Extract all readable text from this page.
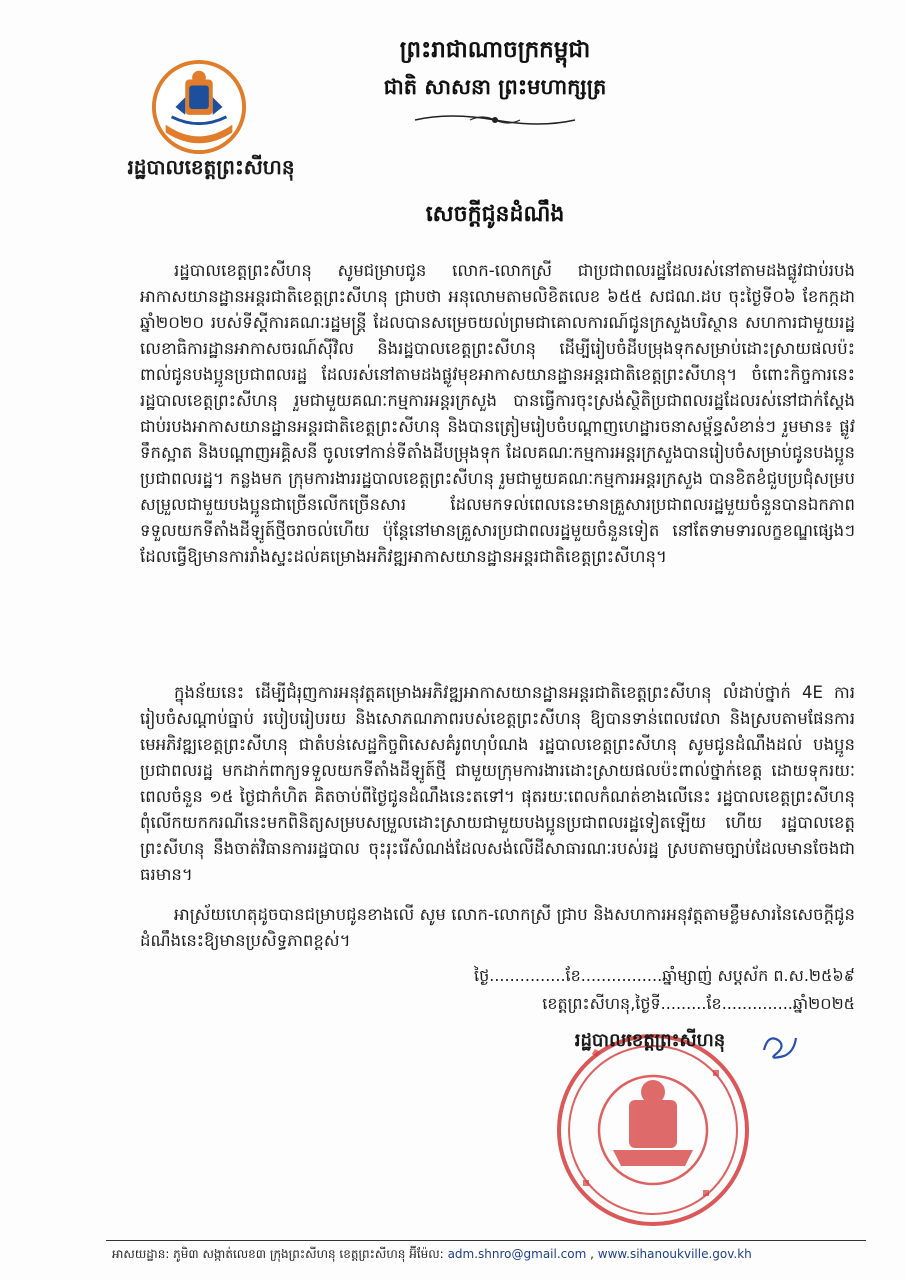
រដ្ឋបាលខេត្តព្រះសីហនុ
ព្រះរាជាណាចក្រកម្ពុជា
ជាតិ សាសនា ព្រះមហាក្សត្រ
សេចក្តីជូនដំណឹង
រដ្ឋបាលខេត្តព្រះសីហនុ សូមជម្រាបជូន លោក-លោកស្រី ជាប្រជាពលរដ្ឋដែលរស់នៅតាមដងផ្លូវជាប់របងអាកាសយានដ្ឋានអន្តរជាតិខេត្តព្រះសីហនុ ជ្រាបថា អនុលោមតាមលិខិតលេខ ៦៥៥ សជណ.ដប ចុះថ្ងៃទី០៦ ខែកក្កដា ឆ្នាំ២០២០ របស់ទីស្តីការគណៈរដ្ឋមន្ត្រី ដែលបានសម្រេចយល់ព្រមជាគោលការណ៍ជូនក្រសួងបរិស្ថាន សហការជាមួយរដ្ឋលេខាធិការដ្ឋានអាកាសចរណ៍ស៊ីវិល និងរដ្ឋបាលខេត្តព្រះសីហនុ ដើម្បីរៀបចំដីបម្រុងទុកសម្រាប់ដោះស្រាយផលប៉ះពាល់ជូនបងប្អូនប្រជាពលរដ្ឋ ដែលរស់នៅតាមដងផ្លូវមុខអាកាសយានដ្ឋានអន្តរជាតិខេត្តព្រះសីហនុ។ ចំពោះកិច្ចការនេះ រដ្ឋបាលខេត្តព្រះសីហនុ រួមជាមួយគណៈកម្មការអន្តរក្រសួង បានធ្វើការចុះស្រង់ស្ថិតិប្រជាពលរដ្ឋដែលរស់នៅជាក់ស្តែងជាប់របងអាកាសយានដ្ឋានអន្តរជាតិខេត្តព្រះសីហនុ និងបានត្រៀមរៀបចំបណ្តាញហេដ្ឋារចនាសម្ព័ន្ធសំខាន់ៗ រួមមាន៖ ផ្លូវ ទឹកស្អាត និងបណ្តាញអគ្គិសនី ចូលទៅកាន់ទីតាំងដីបម្រុងទុក ដែលគណៈកម្មការអន្តរក្រសួងបានរៀបចំសម្រាប់ជូនបងប្អូនប្រជាពលរដ្ឋ។ កន្លងមក ក្រុមការងាររដ្ឋបាលខេត្តព្រះសីហនុ រួមជាមួយគណៈកម្មការអន្តរក្រសួង បានខិតខំជួបប្រជុំសម្របសម្រួលជាមួយបងប្អូនជាច្រើនលើកច្រើនសារ ដែលមកទល់ពេលនេះមានគ្រួសារប្រជាពលរដ្ឋមួយចំនួនបានឯកភាពទទួលយកទីតាំងដីឡូត៍ថ្មីចរាចល់ហើយ ប៉ុន្តែនៅមានគ្រួសារប្រជាពលរដ្ឋមួយចំនួនទៀត នៅតែទាមទារលក្ខខណ្ឌផ្សេងៗ ដែលធ្វើឱ្យមានការរាំងស្ទះដល់គម្រោងអភិវឌ្ឍអាកាសយានដ្ឋានអន្តរជាតិខេត្តព្រះសីហនុ។
ក្នុងន័យនេះ ដើម្បីជំរុញការអនុវត្តគម្រោងអភិវឌ្ឍអាកាសយានដ្ឋានអន្តរជាតិខេត្តព្រះសីហនុ លំដាប់ថ្នាក់ 4E ការរៀបចំសណ្តាប់ធ្នាប់ របៀបរៀបរយ និងសោភណភាពរបស់ខេត្តព្រះសីហនុ ឱ្យបានទាន់ពេលវេលា និងស្របតាមផែនការមេអភិវឌ្ឍខេត្តព្រះសីហនុ ជាតំបន់សេដ្ឋកិច្ចពិសេសគំរូពហុបំណង រដ្ឋបាលខេត្តព្រះសីហនុ សូមជូនដំណឹងដល់ បងប្អូនប្រជាពលរដ្ឋ មកដាក់ពាក្យទទួលយកទីតាំងដីឡូត៍ថ្មី ជាមួយក្រុមការងារដោះស្រាយផលប៉ះពាល់ថ្នាក់ខេត្ត ដោយទុករយៈពេលចំនួន ១៥ ថ្ងៃជាកំហិត គិតចាប់ពីថ្ងៃជូនដំណឹងនេះតទៅ។ ផុតរយៈពេលកំណត់ខាងលើនេះ រដ្ឋបាលខេត្តព្រះសីហនុ ពុំលើកយកករណីនេះមកពិនិត្យសម្របសម្រួលដោះស្រាយជាមួយបងប្អូនប្រជាពលរដ្ឋទៀតឡើយ ហើយ រដ្ឋបាលខេត្តព្រះសីហនុ នឹងចាត់វិធានការរដ្ឋបាល ចុះរុះរើសំណង់ដែលសង់លើដីសាធារណៈរបស់រដ្ឋ ស្របតាមច្បាប់ដែលមានចែងជាធរមាន។
អាស្រ័យហេតុដូចបានជម្រាបជូនខាងលើ សូម លោក-លោកស្រី ជ្រាប និងសហការអនុវត្តតាមខ្លឹមសារនៃសេចក្តីជូនដំណឹងនេះឱ្យមានប្រសិទ្ធភាពខ្ពស់។
ថ្ងៃ...............ខែ................ឆ្នាំម្សាញ់ សប្តស័ក ព.ស.២៥៦៩
ខេត្តព្រះសីហនុ,ថ្ងៃទី.........ខែ..............ឆ្នាំ២០២៥
រដ្ឋបាលខេត្តព្រះសីហនុ
អាសយដ្ឋាន: ភូមិ៣ សង្កាត់លេខ៣ ក្រុងព្រះសីហនុ ខេត្តព្រះសីហនុ អ៊ីម៉ែល: adm.shnro@gmail.com , www.sihanoukville.gov.kh
